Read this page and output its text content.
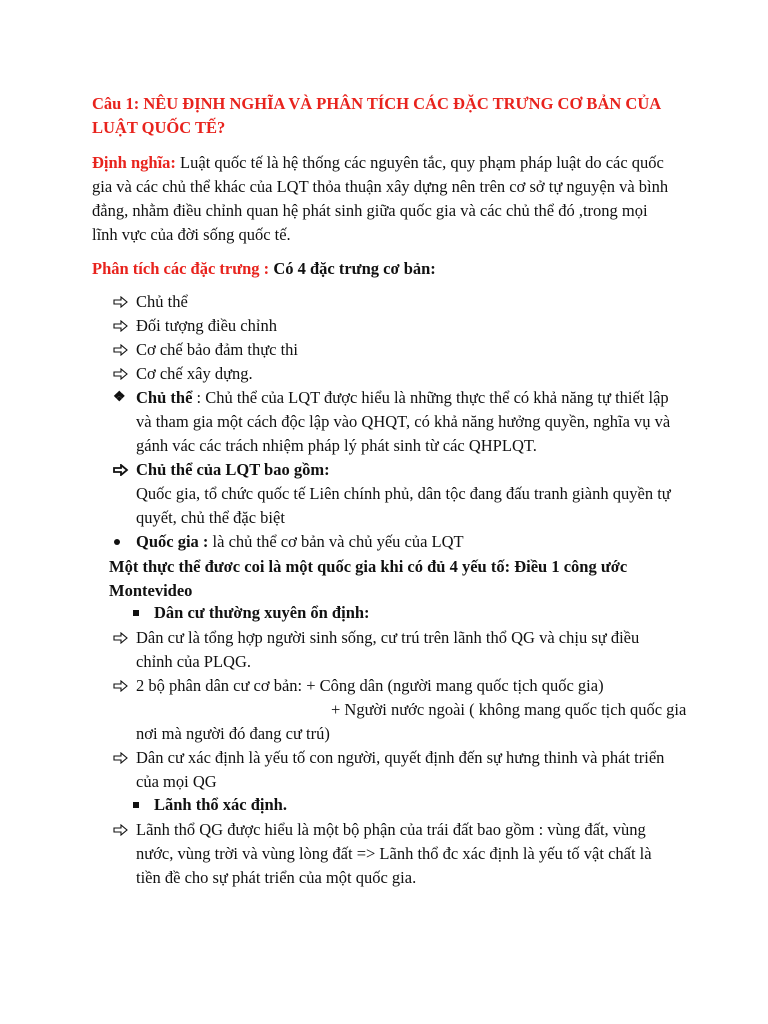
Câu 1: NÊU ĐỊNH NGHĨA VÀ PHÂN TÍCH CÁC ĐẶC TRƯNG CƠ BẢN CỦA
LUẬT QUỐC TẾ?
Định nghĩa: Luật quốc tế là hệ thống các nguyên tắc, quy phạm pháp luật do các quốc
gia và các chủ thể khác của LQT thỏa thuận xây dựng nên trên cơ sở tự nguyện và bình
đẳng, nhằm điều chỉnh quan hệ phát sinh giữa quốc gia và các chủ thể đó ,trong mọi
lĩnh vực của đời sống quốc tế.
Phân tích các đặc trưng : Có 4 đặc trưng cơ bản:
Chủ thể
Đối tượng điều chỉnh
Cơ chế bảo đảm thực thi
Cơ chế xây dựng.
❖ Chủ thể : Chủ thể của LQT được hiểu là những thực thể có khả năng tự thiết lập
và tham gia một cách độc lập vào QHQT, có khả năng hưởng quyền, nghĩa vụ và
gánh vác các trách nhiệm pháp lý phát sinh từ các QHPLQT.
Chủ thể của LQT bao gồm:
Quốc gia, tổ chức quốc tế Liên chính phủ, dân tộc đang đấu tranh giành quyền tự
quyết, chủ thể đặc biệt
Quốc gia : là chủ thể cơ bản và chủ yếu của LQT
Một thực thể đươc coi là một quốc gia khi có đủ 4 yếu tố: Điều 1 công ước
Montevideo
Dân cư thường xuyên ổn định:
Dân cư là tổng hợp người sinh sống, cư trú trên lãnh thổ QG và chịu sự điều
chỉnh của PLQG.
2 bộ phân dân cư cơ bản: + Công dân (người mang quốc tịch quốc gia)
+ Người nước ngoài ( không mang quốc tịch quốc gia
nơi mà người đó đang cư trú)
Dân cư xác định là yếu tố con người, quyết định đến sự hưng thinh và phát triển
của mọi QG
Lãnh thổ xác định.
Lãnh thổ QG được hiểu là một bộ phận của trái đất bao gồm : vùng đất, vùng
nước, vùng trời và vùng lòng đất => Lãnh thổ đc xác định là yếu tố vật chất là
tiền đề cho sự phát triển của một quốc gia.
